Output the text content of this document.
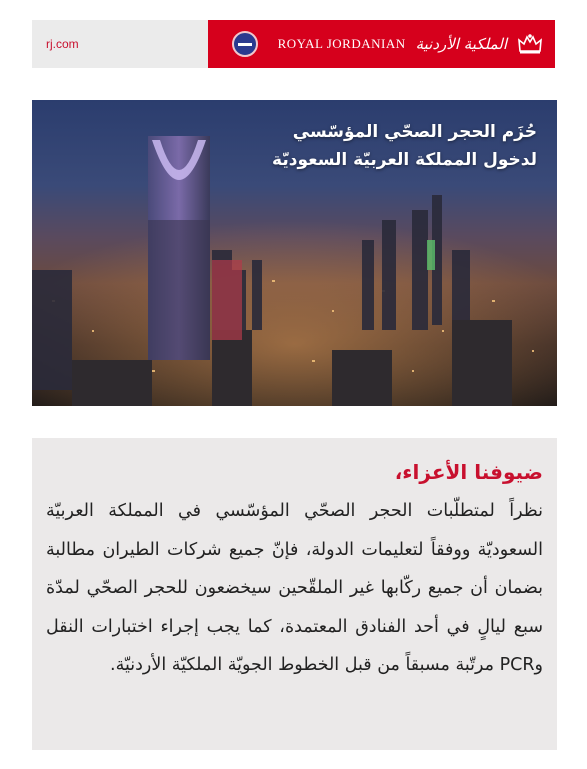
rj.com	ROYAL JORDANIAN الملكية الأردنية
حُزَم الحجر الصحّي المؤسّسي
لدخول المملكة العربيّة السعوديّة
ضيوفنا الأعزاء،

نظراً لمتطلّبات الحجر الصحّي المؤسّسي في المملكة العربيّة السعوديّة ووفقاً لتعليمات الدولة، فإنّ جميع شركات الطيران مطالبة بضمان أن جميع ركّابها غير الملقّحين سيخضعون للحجر الصحّي لمدّة سبع ليالٍ في أحد الفنادق المعتمدة، كما يجب إجراء اختبارات النقل وPCR مرتّبة مسبقاً من قبل الخطوط الجويّة الملكيّة الأردنيّة.
